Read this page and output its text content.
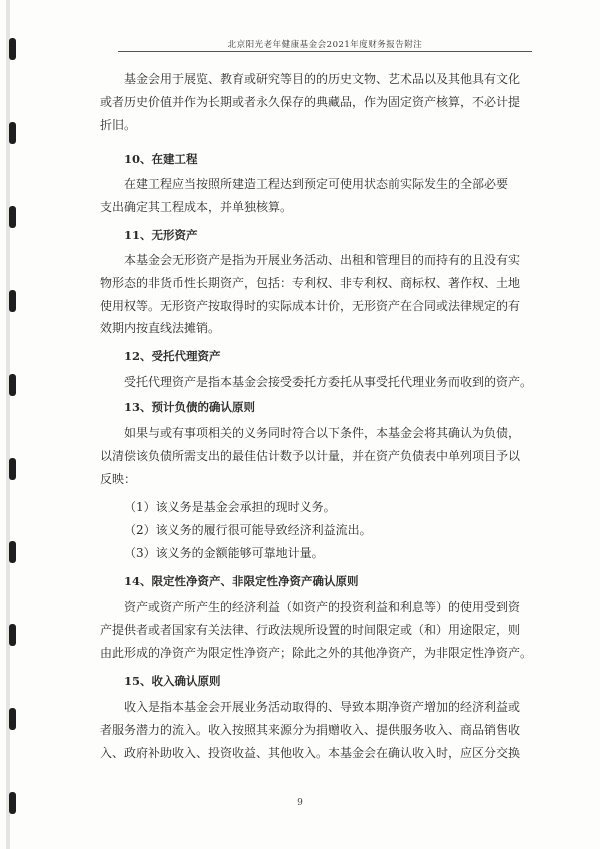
北京阳光老年健康基金会2021年度财务报告附注
基金会用于展览、教育或研究等目的的历史文物、艺术品以及其他具有文化
或者历史价值并作为长期或者永久保存的典藏品，作为固定资产核算，不必计提
折旧。
10、在建工程
在建工程应当按照所建造工程达到预定可使用状态前实际发生的全部必要
支出确定其工程成本，并单独核算。
11、无形资产
本基金会无形资产是指为开展业务活动、出租和管理目的而持有的且没有实
物形态的非货币性长期资产，包括：专利权、非专利权、商标权、著作权、土地
使用权等。无形资产按取得时的实际成本计价，无形资产在合同或法律规定的有
效期内按直线法摊销。
12、受托代理资产
受托代理资产是指本基金会接受委托方委托从事受托代理业务而收到的资产。
13、预计负债的确认原则
如果与或有事项相关的义务同时符合以下条件，本基金会将其确认为负债，
以清偿该负债所需支出的最佳估计数予以计量，并在资产负债表中单列项目予以
反映：
（1）该义务是基金会承担的现时义务。
（2）该义务的履行很可能导致经济利益流出。
（3）该义务的金额能够可靠地计量。
14、限定性净资产、非限定性净资产确认原则
资产或资产所产生的经济利益（如资产的投资利益和利息等）的使用受到资
产提供者或者国家有关法律、行政法规所设置的时间限定或（和）用途限定，则
由此形成的净资产为限定性净资产；除此之外的其他净资产，为非限定性净资产。
15、收入确认原则
收入是指本基金会开展业务活动取得的、导致本期净资产增加的经济利益或
者服务潜力的流入。收入按照其来源分为捐赠收入、提供服务收入、商品销售收
入、政府补助收入、投资收益、其他收入。本基金会在确认收入时，应区分交换
9
